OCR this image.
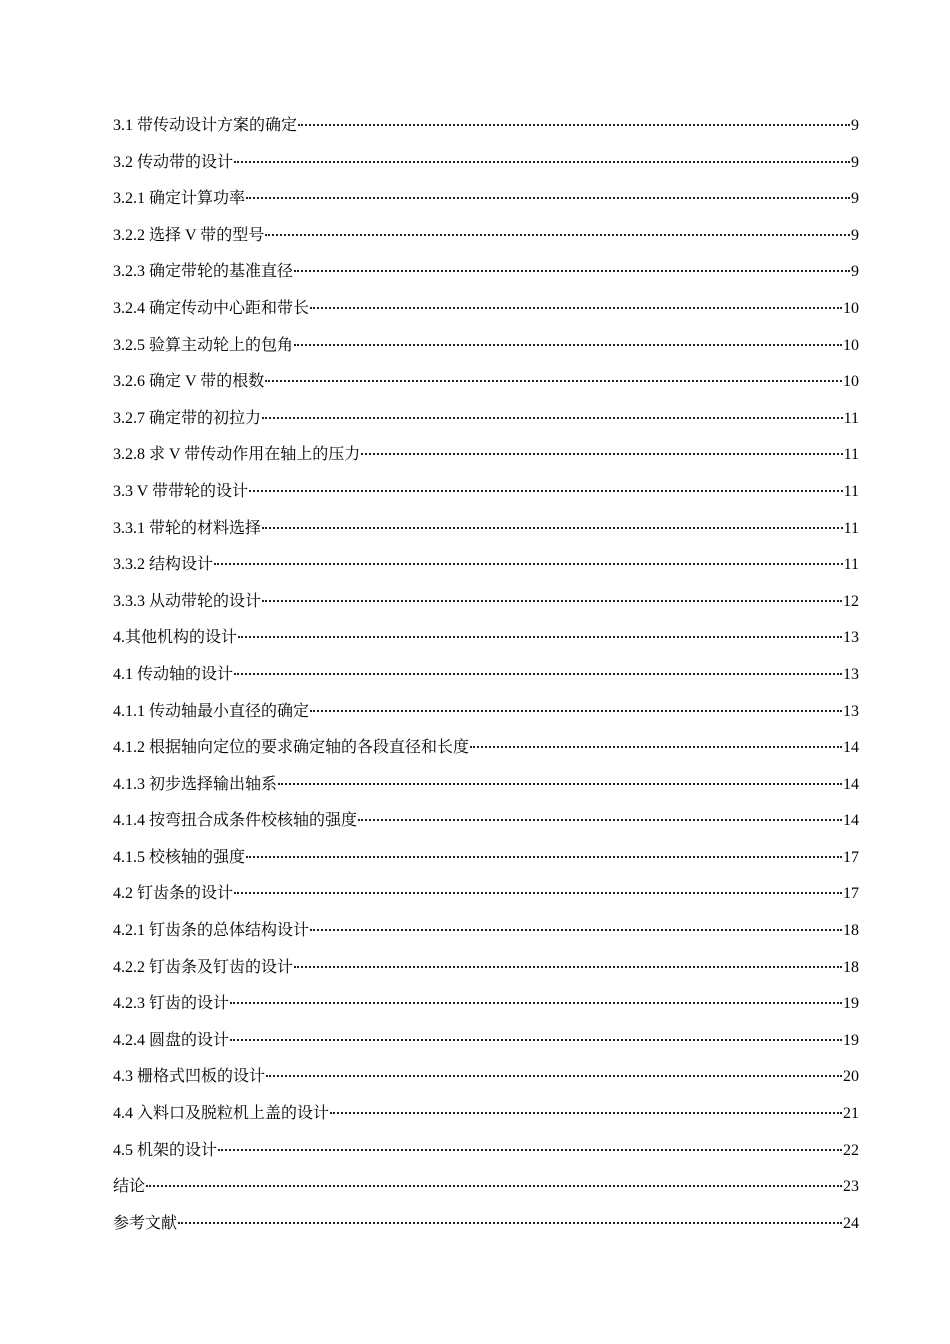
3.1 带传动设计方案的确定	9
3.2 传动带的设计	9
3.2.1 确定计算功率	9
3.2.2 选择 V 带的型号	9
3.2.3 确定带轮的基准直径	9
3.2.4 确定传动中心距和带长	10
3.2.5 验算主动轮上的包角	10
3.2.6 确定 V 带的根数	10
3.2.7 确定带的初拉力	11
3.2.8 求 V 带传动作用在轴上的压力	11
3.3 V 带带轮的设计	11
3.3.1 带轮的材料选择	11
3.3.2 结构设计	11
3.3.3 从动带轮的设计	12
4.其他机构的设计	13
4.1 传动轴的设计	13
4.1.1 传动轴最小直径的确定	13
4.1.2 根据轴向定位的要求确定轴的各段直径和长度	14
4.1.3 初步选择输出轴系	14
4.1.4 按弯扭合成条件校核轴的强度	14
4.1.5 校核轴的强度	17
4.2 钉齿条的设计	17
4.2.1 钉齿条的总体结构设计	18
4.2.2 钉齿条及钉齿的设计	18
4.2.3 钉齿的设计	19
4.2.4 圆盘的设计	19
4.3 栅格式凹板的设计	20
4.4 入料口及脱粒机上盖的设计	21
4.5 机架的设计	22
结论	23
参考文献	24
